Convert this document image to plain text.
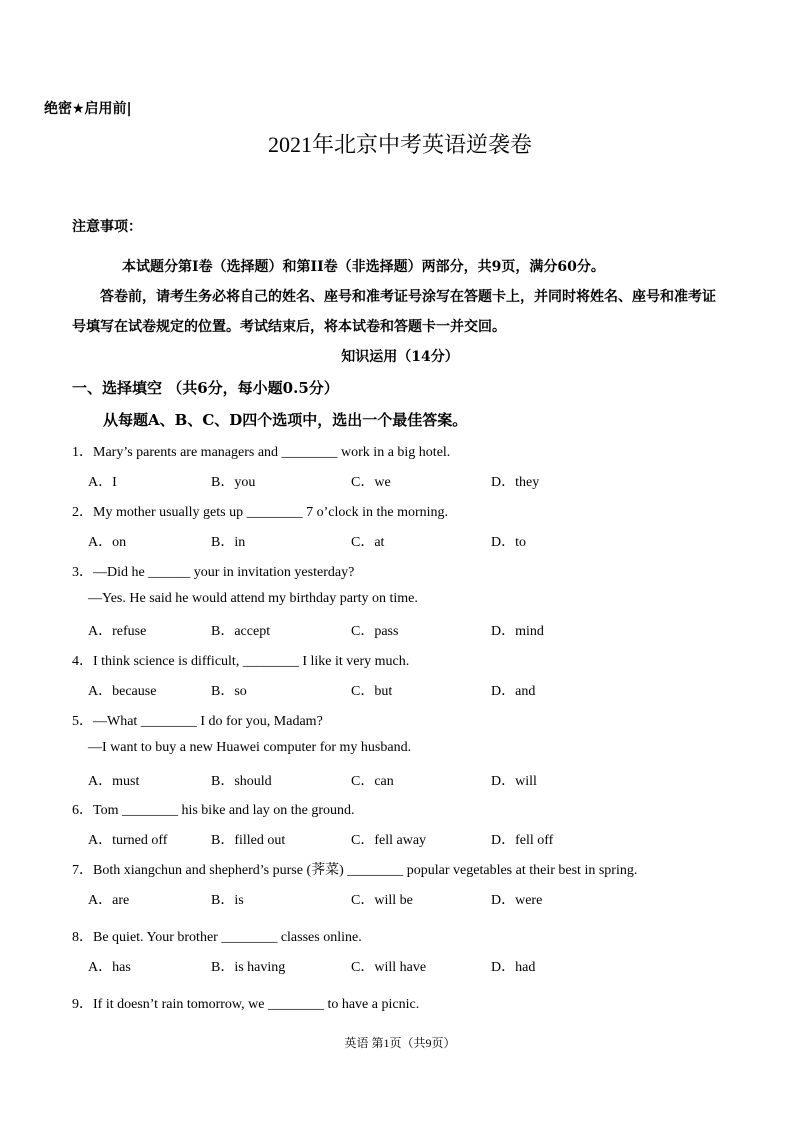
绝密★启用前|
2021年北京中考英语逆袭卷
注意事项：
本试题分第I卷（选择题）和第II卷（非选择题）两部分，共9页，满分60分。
答卷前，请考生务必将自己的姓名、座号和准考证号涂写在答题卡上，并同时将姓名、座号和准考证
号填写在试卷规定的位置。考试结束后，将本试卷和答题卡一并交回。
知识运用（14分）
一、选择填空 （共6分，每小题0.5分）
从每题A、B、C、D四个选项中，选出一个最佳答案。
1．Mary’s parents are managers and ________ work in a big hotel.
A．I	B．you	C．we	D．they
2．My mother usually gets up ________ 7 o’clock in the morning.
A．on	B．in	C．at	D．to
3．—Did he ______ your in invitation yesterday?
—Yes. He said he would attend my birthday party on time.
A．refuse	B．accept	C．pass	D．mind
4．I think science is difficult, ________ I like it very much.
A．because	B．so	C．but	D．and
5．—What ________ I do for you, Madam?
—I want to buy a new Huawei computer for my husband.
A．must	B．should	C．can	D．will
6．Tom ________ his bike and lay on the ground.
A．turned off	B．filled out	C．fell away	D．fell off
7．Both xiangchun and shepherd’s purse (荠菜) ________ popular vegetables at their best in spring.
A．are	B．is	C．will be	D．were
8．Be quiet. Your brother ________ classes online.
A．has	B．is having	C．will have	D．had
9．If it doesn’t rain tomorrow, we ________ to have a picnic.
英语 第1页（共9页）
